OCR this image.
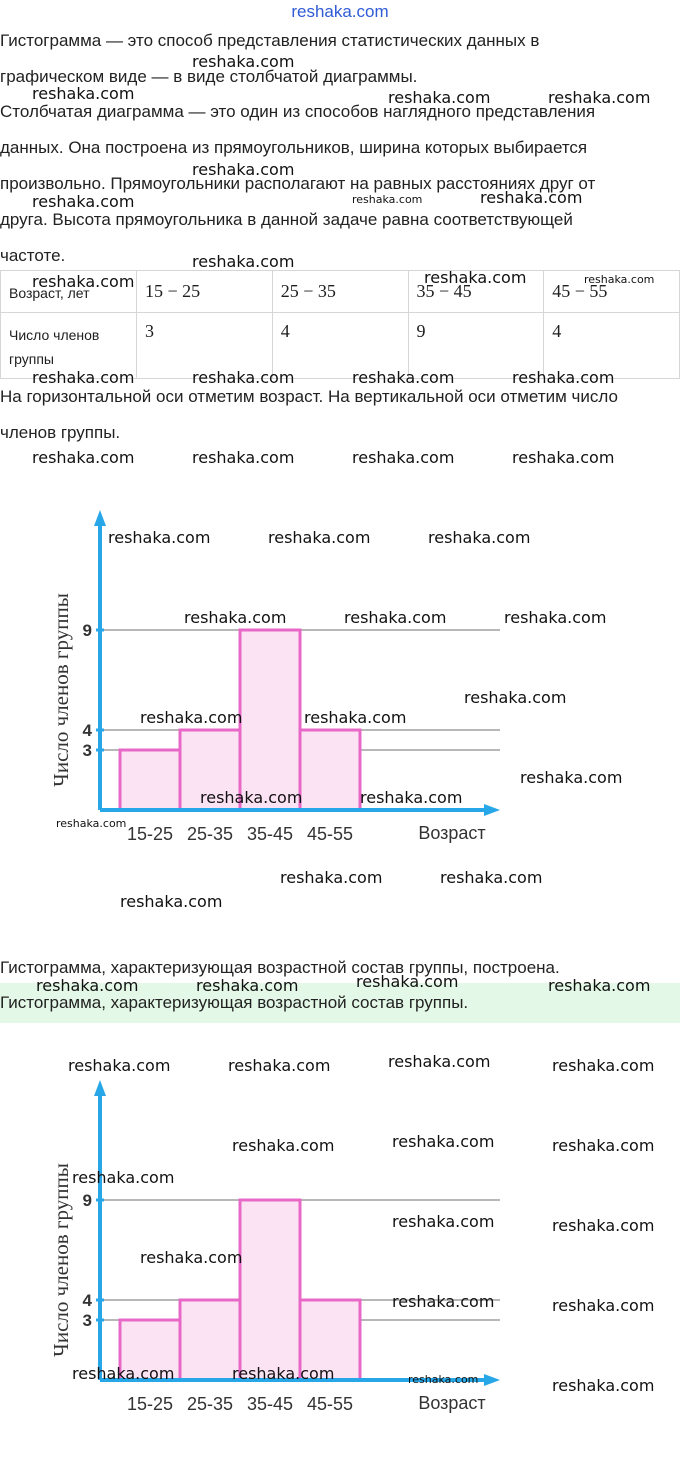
reshaka.com
Гистограмма — это способ представления статистических данных в
графическом виде — в виде столбчатой диаграммы.
Столбчатая диаграмма — это один из способов наглядного представления
данных. Она построена из прямоугольников, ширина которых выбирается
произвольно. Прямоугольники располагают на равных расстояниях друг от
друга. Высота прямоугольника в данной задаче равна соответствующей
частоте.
Возраст, лет	15 − 25	25 − 35	35 − 45	45 − 55
Число членов группы	3	4	9	4
На горизонтальной оси отметим возраст. На вертикальной оси отметим число
членов группы.
3
4
9
15-25 25-35 35-45 45-55	Возраст
Число членов группы
Гистограмма, характеризующая возрастной состав группы, построена.
Гистограмма, характеризующая возрастной состав группы.
3
4
9
15-25 25-35 35-45 45-55	Возраст
Число членов группы
reshaka.com
reshaka.com	reshaka.com	reshaka.com
reshaka.com
reshaka.com	reshaka.com	reshaka.com
reshaka.com
reshaka.com	reshaka.com	reshaka.com
reshaka.com	reshaka.com	reshaka.com	reshaka.com
reshaka.com	reshaka.com	reshaka.com	reshaka.com
reshaka.com	reshaka.com	reshaka.com
reshaka.com	reshaka.com	reshaka.com
reshaka.com
reshaka.com	reshaka.com
reshaka.com
reshaka.com	reshaka.com
reshaka.com
reshaka.com	reshaka.com
reshaka.com
reshaka.com	reshaka.com	reshaka.com	reshaka.com
reshaka.com	reshaka.com	reshaka.com	reshaka.com
reshaka.com	reshaka.com	reshaka.com
reshaka.com
reshaka.com	reshaka.com
reshaka.com
reshaka.com	reshaka.com
reshaka.com	reshaka.com	reshaka.com	reshaka.com
